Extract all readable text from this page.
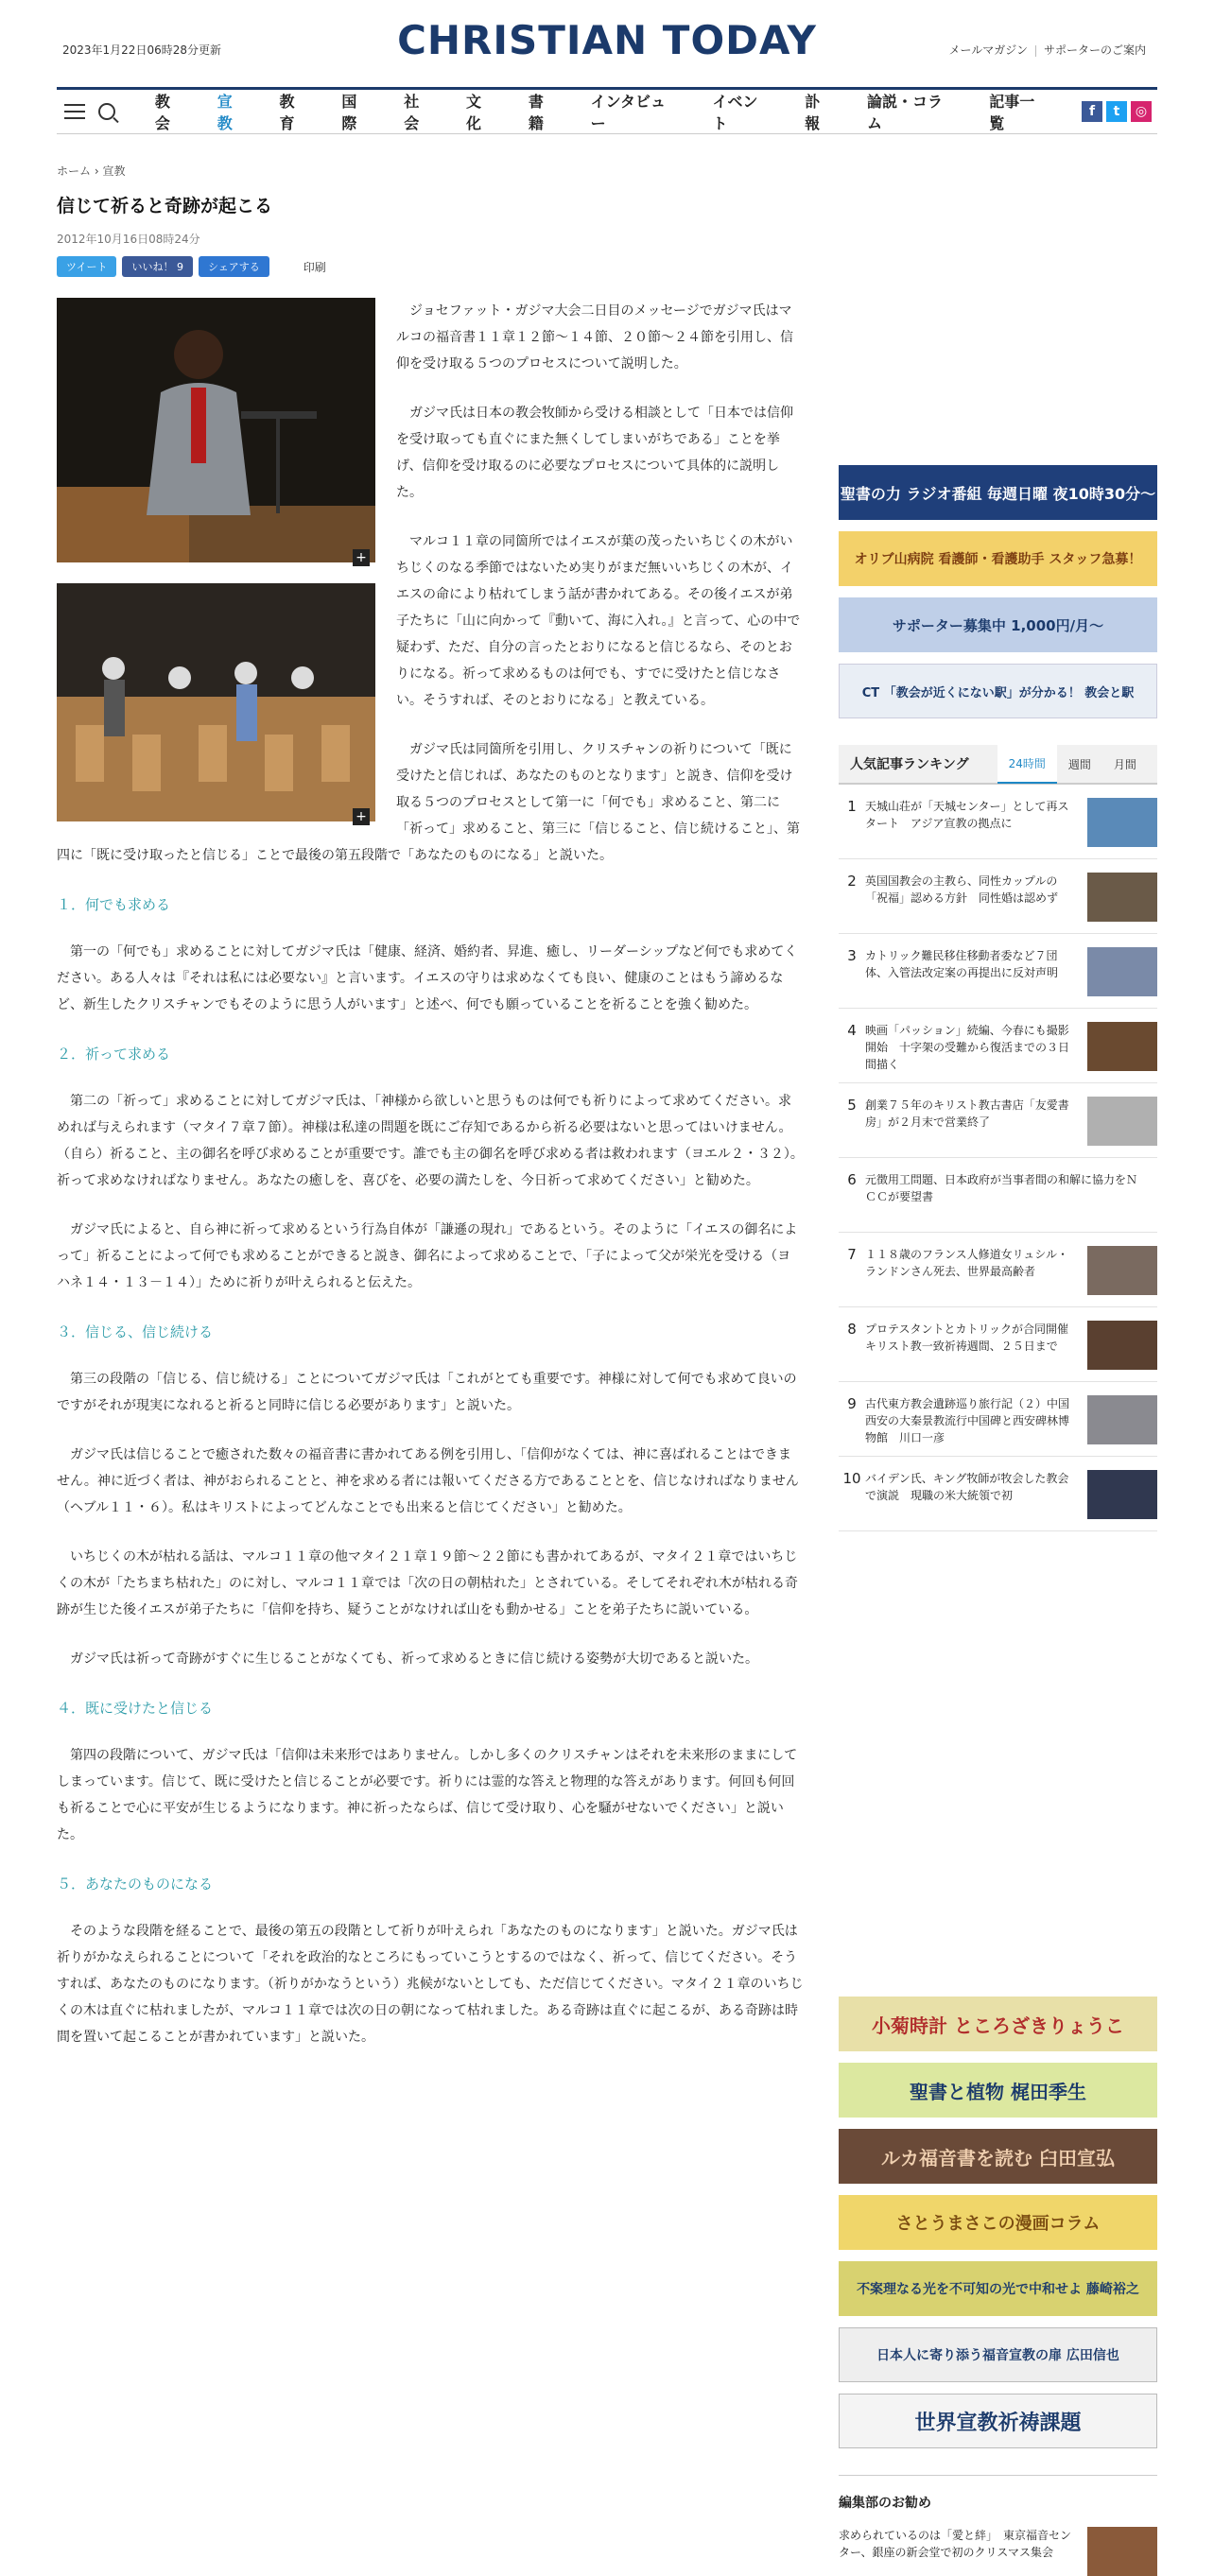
2023年1月22日06時28分更新	CHRISTIAN TODAY	メールマガジン サポーターのご案内
教会
宣教
教育
国際
社会
文化
書籍
インタビュー
イベント
訃報
論説・コラム
記事一覧
f	t	◎
ホーム › 宣教
信じて祈ると奇跡が起こる
2012年10月16日08時24分
ツイート	いいね！ 9	シェアする	印刷
+

ジョセファット・ガジマ大会二日目のメッセージでガジマ氏はマルコの福音書１１章１２節～１４節、２０節～２４節を引用し、信仰を受け取る５つのプロセスについて説明した。

ガジマ氏は日本の教会牧師から受ける相談として「日本では信仰を受け取っても直ぐにまた無くしてしまいがちである」ことを挙げ、信仰を受け取るのに必要なプロセスについて具体的に説明した。

+

マルコ１１章の同箇所ではイエスが葉の茂ったいちじくの木がいちじくのなる季節ではないため実りがまだ無いいちじくの木が、イエスの命により枯れてしまう話が書かれてある。その後イエスが弟子たちに「山に向かって『動いて、海に入れ。』と言って、心の中で疑わず、ただ、自分の言ったとおりになると信じるなら、そのとおりになる。祈って求めるものは何でも、すでに受けたと信じなさい。そうすれば、そのとおりになる」と教えている。

ガジマ氏は同箇所を引用し、クリスチャンの祈りについて「既に受けたと信じれば、あなたのものとなります」と説き、信仰を受け取る５つのプロセスとして第一に「何でも」求めること、第二に「祈って」求めること、第三に「信じること、信じ続けること」、第四に「既に受け取ったと信じる」ことで最後の第五段階で「あなたのものになる」と説いた。

１．何でも求める

第一の「何でも」求めることに対してガジマ氏は「健康、経済、婚約者、昇進、癒し、リーダーシップなど何でも求めてください。ある人々は『それは私には必要ない』と言います。イエスの守りは求めなくても良い、健康のことはもう諦めるなど、新生したクリスチャンでもそのように思う人がいます」と述べ、何でも願っていることを祈ることを強く勧めた。

２．祈って求める

第二の「祈って」求めることに対してガジマ氏は、「神様から欲しいと思うものは何でも祈りによって求めてください。求めれば与えられます（マタイ７章７節）。神様は私達の問題を既にご存知であるから祈る必要はないと思ってはいけません。（自ら）祈ること、主の御名を呼び求めることが重要です。誰でも主の御名を呼び求める者は救われます（ヨエル２・３２）。祈って求めなければなりません。あなたの癒しを、喜びを、必要の満たしを、今日祈って求めてください」と勧めた。

ガジマ氏によると、自ら神に祈って求めるという行為自体が「謙遜の現れ」であるという。そのように「イエスの御名によって」祈ることによって何でも求めることができると説き、御名によって求めることで、「子によって父が栄光を受ける（ヨハネ１４・１３－１４）」ために祈りが叶えられると伝えた。

３．信じる、信じ続ける

第三の段階の「信じる、信じ続ける」ことについてガジマ氏は「これがとても重要です。神様に対して何でも求めて良いのですがそれが現実になれると祈ると同時に信じる必要があります」と説いた。

ガジマ氏は信じることで癒された数々の福音書に書かれてある例を引用し、「信仰がなくては、神に喜ばれることはできません。神に近づく者は、神がおられることと、神を求める者には報いてくださる方であることとを、信じなければなりません（ヘブル１１・６）。私はキリストによってどんなことでも出来ると信じてください」と勧めた。

いちじくの木が枯れる話は、マルコ１１章の他マタイ２１章１９節～２２節にも書かれてあるが、マタイ２１章ではいちじくの木が「たちまち枯れた」のに対し、マルコ１１章では「次の日の朝枯れた」とされている。そしてそれぞれ木が枯れる奇跡が生じた後イエスが弟子たちに「信仰を持ち、疑うことがなければ山をも動かせる」ことを弟子たちに説いている。

ガジマ氏は祈って奇跡がすぐに生じることがなくても、祈って求めるときに信じ続ける姿勢が大切であると説いた。

４．既に受けたと信じる

第四の段階について、ガジマ氏は「信仰は未来形ではありません。しかし多くのクリスチャンはそれを未来形のままにしてしまっています。信じて、既に受けたと信じることが必要です。祈りには霊的な答えと物理的な答えがあります。何回も何回も祈ることで心に平安が生じるようになります。神に祈ったならば、信じて受け取り、心を騒がせないでください」と説いた。

５．あなたのものになる

そのような段階を経ることで、最後の第五の段階として祈りが叶えられ「あなたのものになります」と説いた。ガジマ氏は祈りがかなえられることについて「それを政治的なところにもっていこうとするのではなく、祈って、信じてください。そうすれば、あなたのものになります。（祈りがかなうという）兆候がないとしても、ただ信じてください。マタイ２１章のいちじくの木は直ぐに枯れましたが、マルコ１１章では次の日の朝になって枯れました。ある奇跡は直ぐに起こるが、ある奇跡は時間を置いて起こることが書かれています」と説いた。

聖書の力 ラジオ番組 毎週日曜 夜10時30分～
オリブ山病院 看護師・看護助手 スタッフ急募！
サポーター募集中 1,000円/月～
CT 「教会が近くにない駅」が分かる！ 教会と駅
人気記事ランキング	24時間	週間 月間
1 天城山荘が「天城センター」として再スタート　アジア宣教の拠点に
2 英国国教会の主教ら、同性カップルの「祝福」認める方針　同性婚は認めず
3 カトリック難民移住移動者委など７団体、入管法改定案の再提出に反対声明
4 映画「パッション」続編、今春にも撮影開始　十字架の受難から復活までの３日間描く
5 創業７５年のキリスト教古書店「友愛書房」が２月末で営業終了
6 元徴用工問題、日本政府が当事者間の和解に協力をＮＣＣが要望書
7 １１８歳のフランス人修道女リュシル・ランドンさん死去、世界最高齢者
8 プロテスタントとカトリックが合同開催　キリスト教一致祈祷週間、２５日まで
9 古代東方教会遺跡巡り旅行記（２）中国西安の大秦景教流行中国碑と西安碑林博物館　川口一彦
10 バイデン氏、キング牧師が牧会した教会で演説　現職の米大統領で初
小菊時計 ところざきりょうこ
聖書と植物 梶田季生
ルカ福音書を読む 臼田宣弘
さとうまさこの漫画コラム
不案理なる光を不可知の光で中和せよ 藤崎裕之
日本人に寄り添う福音宣教の扉 広田信也
世界宣教祈祷課題
編集部のお勧め
求められているのは「愛と絆」　東京福音センター、銀座の新会堂で初のクリスマス集会
